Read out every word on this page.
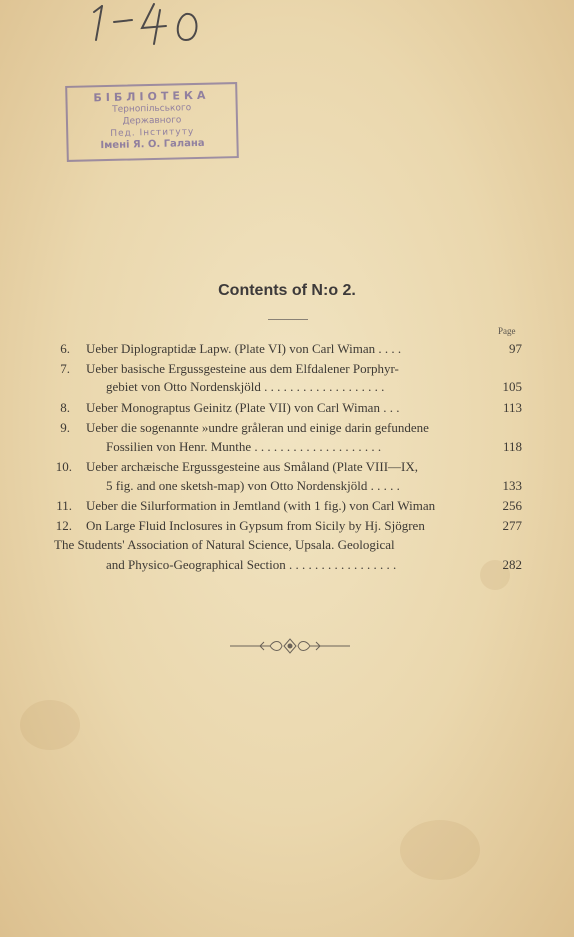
БІБЛІОТЕКА
Тернопільського
Державного
Пед. Інституту
Імені Я. О. Галана
Contents of N:o 2.
Page
6. Ueber Diplograptidæ Lapw. (Plate VI) von Carl Wiman . . . .	97
7. Ueber basische Ergussgesteine aus dem Elfdalener Porphyr-
gebiet von Otto Nordenskjöld . . . . . . . . . . . . . . . . . . .	105
8. Ueber Monograptus Geinitz (Plate VII) von Carl Wiman . . .	113
9. Ueber die sogenannte »undre gråleran und einige darin gefundene
Fossilien von Henr. Munthe . . . . . . . . . . . . . . . . . . . .	118
10. Ueber archæische Ergussgesteine aus Småland (Plate VIII—IX,
5 fig. and one sketsh-map) von Otto Nordenskjöld . . . . .	133
11. Ueber die Silurformation in Jemtland (with 1 fig.) von Carl Wiman	256
12. On Large Fluid Inclosures in Gypsum from Sicily by Hj. Sjögren	277
The Students' Association of Natural Science, Upsala. Geological
and Physico-Geographical Section . . . . . . . . . . . . . . . . .	282
